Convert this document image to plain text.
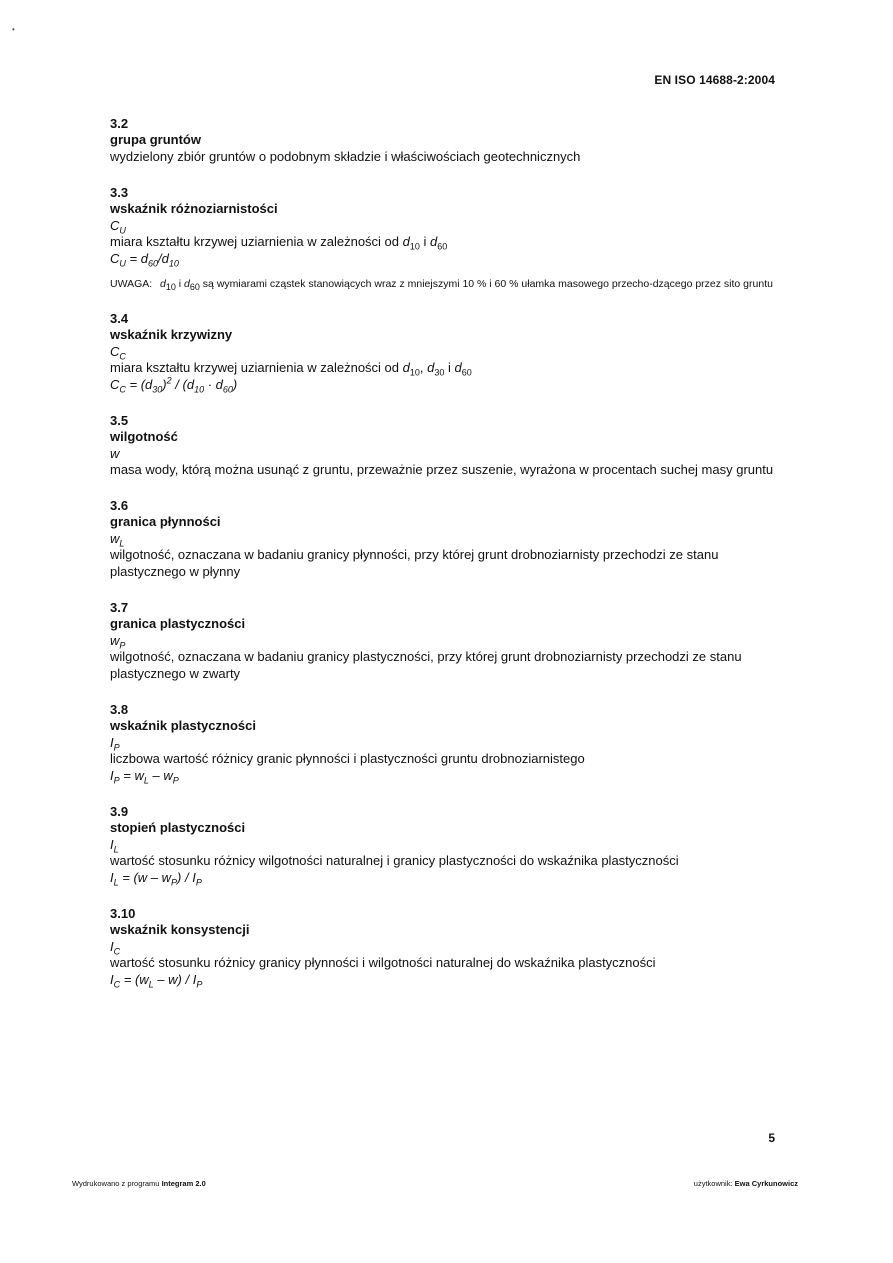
•
EN ISO 14688-2:2004
3.2
grupa gruntów
wydzielony zbiór gruntów o podobnym składzie i właściwościach geotechnicznych
3.3
wskaźnik różnoziarnistości
$C_U$
miara kształtu krzywej uziarnienia w zależności od $d_{10}$ i $d_{60}$
$C_U = d_{60}/d_{10}$
UWAGA: $d_{10}$ i $d_{60}$ są wymiarami cząstek stanowiących wraz z mniejszymi 10 % i 60 % ułamka masowego przecho-dzącego przez sito gruntu
3.4
wskaźnik krzywizny
$C_C$
miara kształtu krzywej uziarnienia w zależności od $d_{10}$, $d_{30}$ i $d_{60}$
$C_C = (d_{30})^2 / (d_{10} \cdot d_{60})$
3.5
wilgotność
w
masa wody, którą można usunąć z gruntu, przeważnie przez suszenie, wyrażona w procentach suchej masy gruntu
3.6
granica płynności
$w_L$
wilgotność, oznaczana w badaniu granicy płynności, przy której grunt drobnoziarnisty przechodzi ze stanu plastycznego w płynny
3.7
granica plastyczności
$w_P$
wilgotność, oznaczana w badaniu granicy plastyczności, przy której grunt drobnoziarnisty przechodzi ze stanu plastycznego w zwarty
3.8
wskaźnik plastyczności
$I_P$
liczbowa wartość różnicy granic płynności i plastyczności gruntu drobnoziarnistego
$I_P = w_L - w_P$
3.9
stopień plastyczności
$I_L$
wartość stosunku różnicy wilgotności naturalnej i granicy plastyczności do wskaźnika plastyczności
$I_L = (w - w_P) / I_P$
3.10
wskaźnik konsystencji
$I_C$
wartość stosunku różnicy granicy płynności i wilgotności naturalnej do wskaźnika plastyczności
$I_C = (w_L - w) / I_P$
5
Wydrukowano z programu Integram 2.0	użytkownik: Ewa Cyrkunowicz
